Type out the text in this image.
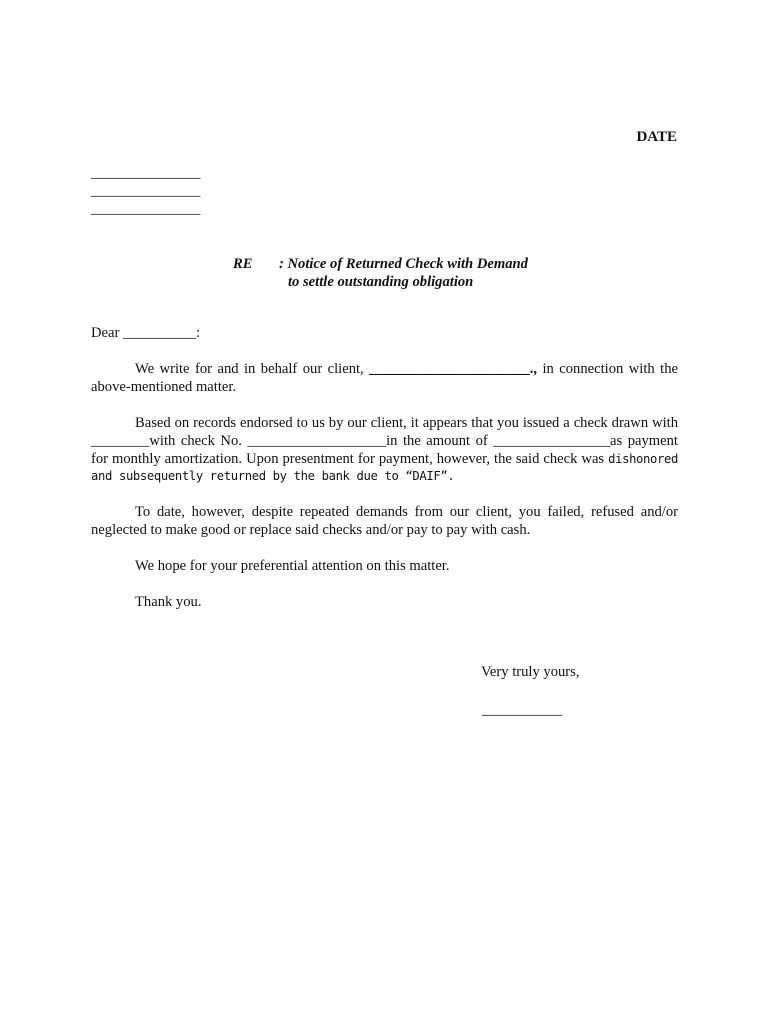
DATE
_______________
_______________
_______________
RE : Notice of Returned Check with Demand
to settle outstanding obligation
Dear __________:
We write for and in behalf our client, ______________________., in connection with the above-mentioned matter.
Based on records endorsed to us by our client, it appears that you issued a check drawn with ________with check No. ___________________in the amount of ________________as payment for monthly amortization. Upon presentment for payment, however, the said check was dishonored and subsequently returned by the bank due to “DAIF”.
To date, however, despite repeated demands from our client, you failed, refused and/or neglected to make good or replace said checks and/or pay to pay with cash.
We hope for your preferential attention on this matter.
Thank you.
Very truly yours,
___________
